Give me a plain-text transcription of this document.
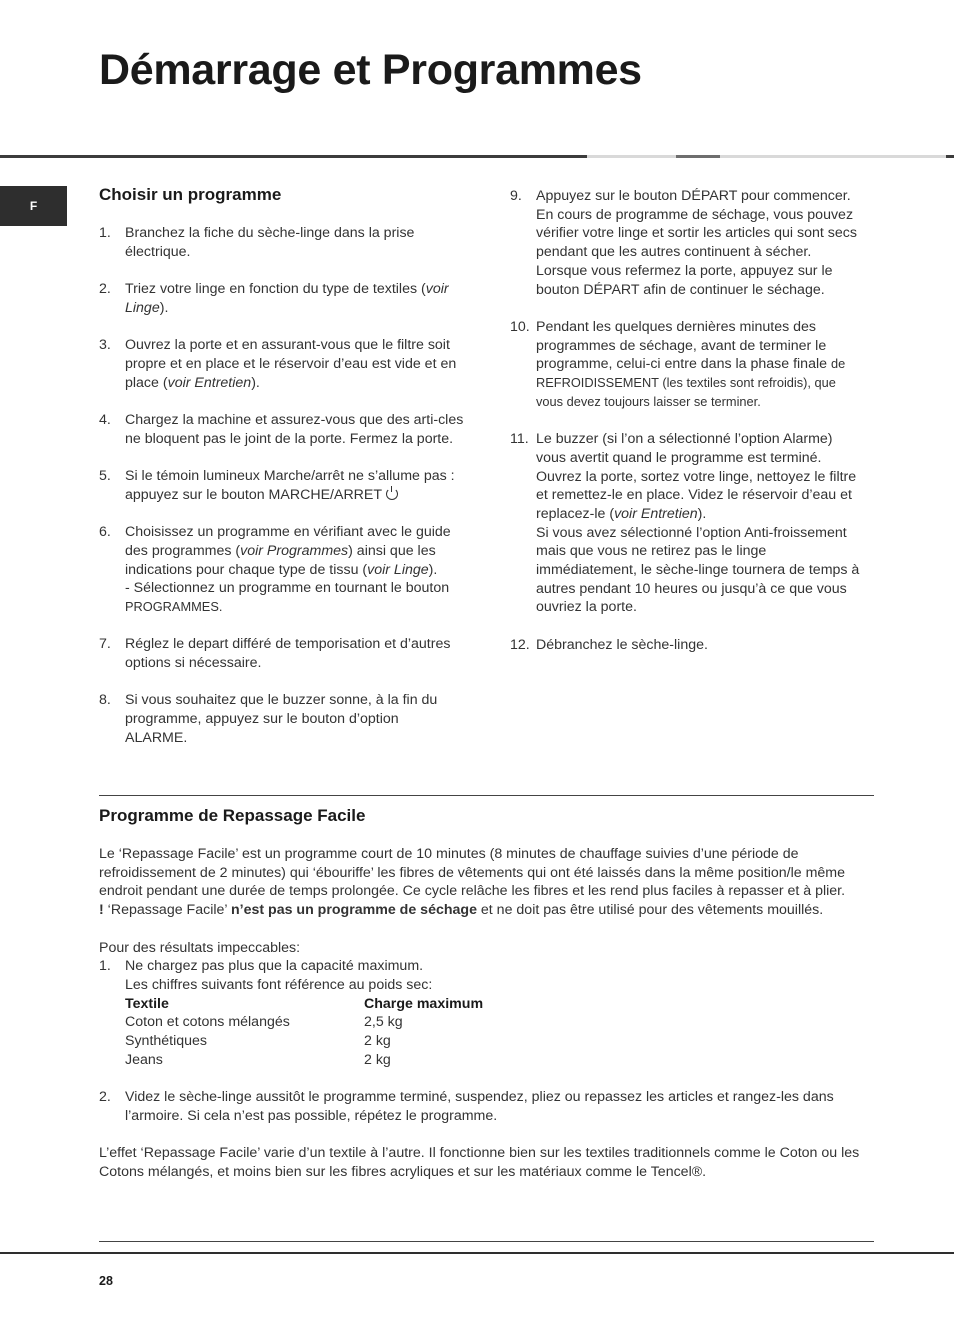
Démarrage et Programmes
F
Choisir un programme
1. Branchez la fiche du sèche-linge dans la prise électrique.
2. Triez votre linge en fonction du type de textiles (voir Linge).
3. Ouvrez la porte et en assurant-vous que le filtre soit propre et en place et le réservoir d’eau est vide et en place (voir Entretien).
4. Chargez la machine et assurez-vous que des arti-cles ne bloquent pas le joint de la porte. Fermez la porte.
5. Si le témoin lumineux Marche/arrêt ne s’allume pas : appuyez sur le bouton MARCHE/ARRET
6. Choisissez un programme en vérifiant avec le guide des programmes (voir Programmes) ainsi que les indications pour chaque type de tissu (voir Linge).
- Sélectionnez un programme en tournant le bouton PROGRAMMES.
7. Réglez le depart différé de temporisation et d’autres options si nécessaire.
8. Si vous souhaitez que le buzzer sonne, à la fin du programme, appuyez sur le bouton d’option ALARME.
9. Appuyez sur le bouton DÉPART pour commencer. En cours de programme de séchage, vous pouvez vérifier votre linge et sortir les articles qui sont secs pendant que les autres continuent à sécher. Lorsque vous refermez la porte, appuyez sur le bouton DÉPART afin de continuer le séchage.
10. Pendant les quelques dernières minutes des programmes de séchage, avant de terminer le programme, celui-ci entre dans la phase finale de REFROIDISSEMENT (les textiles sont refroidis), que vous devez toujours laisser se terminer.
11. Le buzzer (si l’on a sélectionné l’option Alarme) vous avertit quand le programme est terminé. Ouvrez la porte, sortez votre linge, nettoyez le filtre et remettez-le en place. Videz le réservoir d’eau et replacez-le (voir Entretien).
Si vous avez sélectionné l’option Anti-froissement mais que vous ne retirez pas le linge immédiatement, le sèche-linge tournera de temps à autres pendant 10 heures ou jusqu’à ce que vous ouvriez la porte.
12. Débranchez le sèche-linge.
Programme de Repassage Facile

Le ‘Repassage Facile’ est un programme court de 10 minutes (8 minutes de chauffage suivies d’une période de refroidissement de 2 minutes) qui ‘ébouriffe’ les fibres de vêtements qui ont été laissés dans la même position/le même endroit pendant une durée de temps prolongée. Ce cycle relâche les fibres et les rend plus faciles à repasser et à plier.

! ‘Repassage Facile’ n’est pas un programme de séchage et ne doit pas être utilisé pour des vêtements mouillés.

Pour des résultats impeccables:

1. Ne chargez pas plus que la capacité maximum.
Les chiffres suivants font référence au poids sec:
Textile	Charge maximum
Coton et cotons mélangés	2,5 kg
Synthétiques	2 kg
Jeans	2 kg
2. Videz le sèche-linge aussitôt le programme terminé, suspendez, pliez ou repassez les articles et rangez-les dans l’armoire. Si cela n’est pas possible, répétez le programme.

L’effet ‘Repassage Facile’ varie d’un textile à l’autre. Il fonctionne bien sur les textiles traditionnels comme le Coton ou les Cotons mélangés, et moins bien sur les fibres acryliques et sur les matériaux comme le Tencel®.

28
